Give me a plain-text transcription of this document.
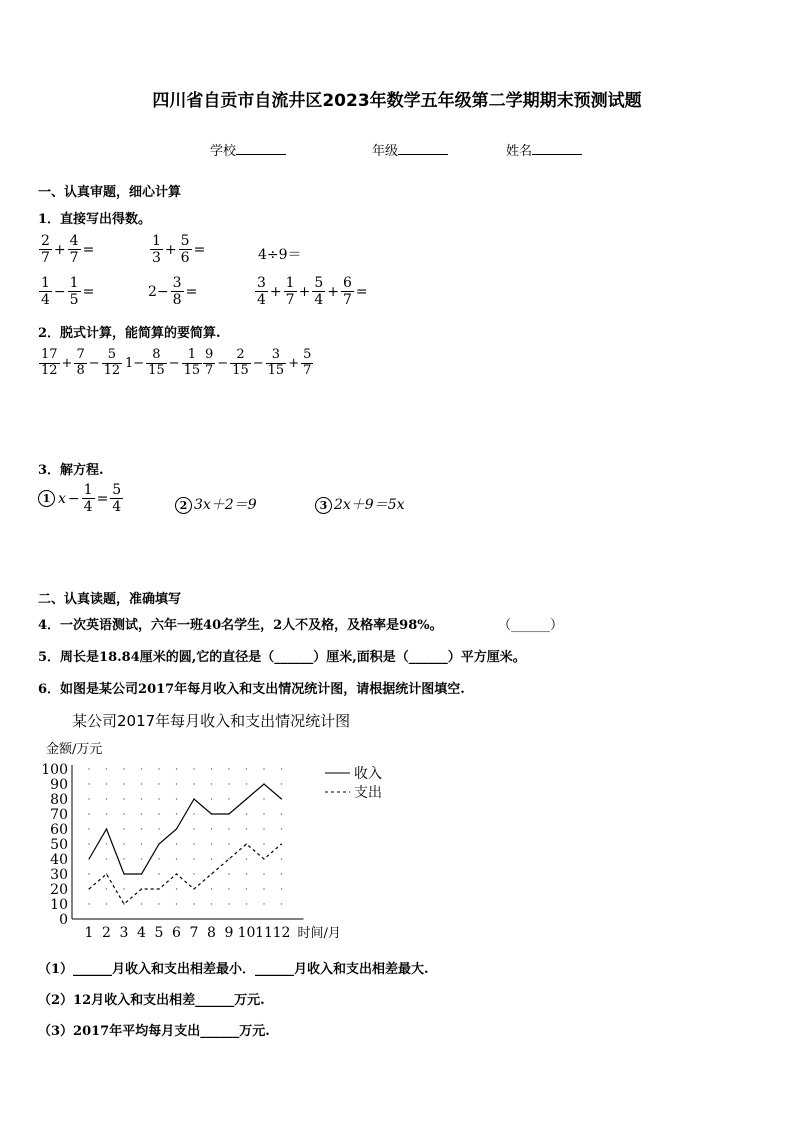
四川省自贡市自流井区2023年数学五年级第二学期期末预测试题
学校	年级	姓名
一、认真审题，细心计算
1．直接写出得数。
$\frac{2}{7} + \frac{4}{7}$ =	$\frac{1}{3} + \frac{5}{6}$ =	4÷9＝
$\frac{1}{4} - \frac{1}{5}$ =	$2- \frac{3}{8}$ =	$\frac{3}{4} + \frac{1}{7} + \frac{5}{4} + \frac{6}{7}$ =
2．脱式计算，能简算的要简算.
$\frac{17}{12} + \frac{7}{8} - \frac{5}{12} 1- \frac{8}{15} - \frac{1}{15} \frac{9}{7} - \frac{2}{15} - \frac{3}{15} + \frac{5}{7}$
3．解方程.
1 $x - \frac{1}{4} = \frac{5}{4}$	2 3x＋2＝9	3 2x＋9＝5x
二、认真读题，准确填写
4．一次英语测试，六年一班40名学生，2人不及格，及格率是98%。	（______）
5．周长是18.84厘米的圆,它的直径是（______）厘米,面积是（______）平方厘米。
6．如图是某公司2017年每月收入和支出情况统计图，请根据统计图填空.
某公司2017年每月收入和支出情况统计图
0
10
20
30
40
50
60
70
80
90
100
1 2 3 4 5 6 7 8 9 10 11 12
金额/万元
时间/月
收入
支出
（1）______月收入和支出相差最小．______月收入和支出相差最大.
（2）12月收入和支出相差______万元.
（3）2017年平均每月支出______万元.
